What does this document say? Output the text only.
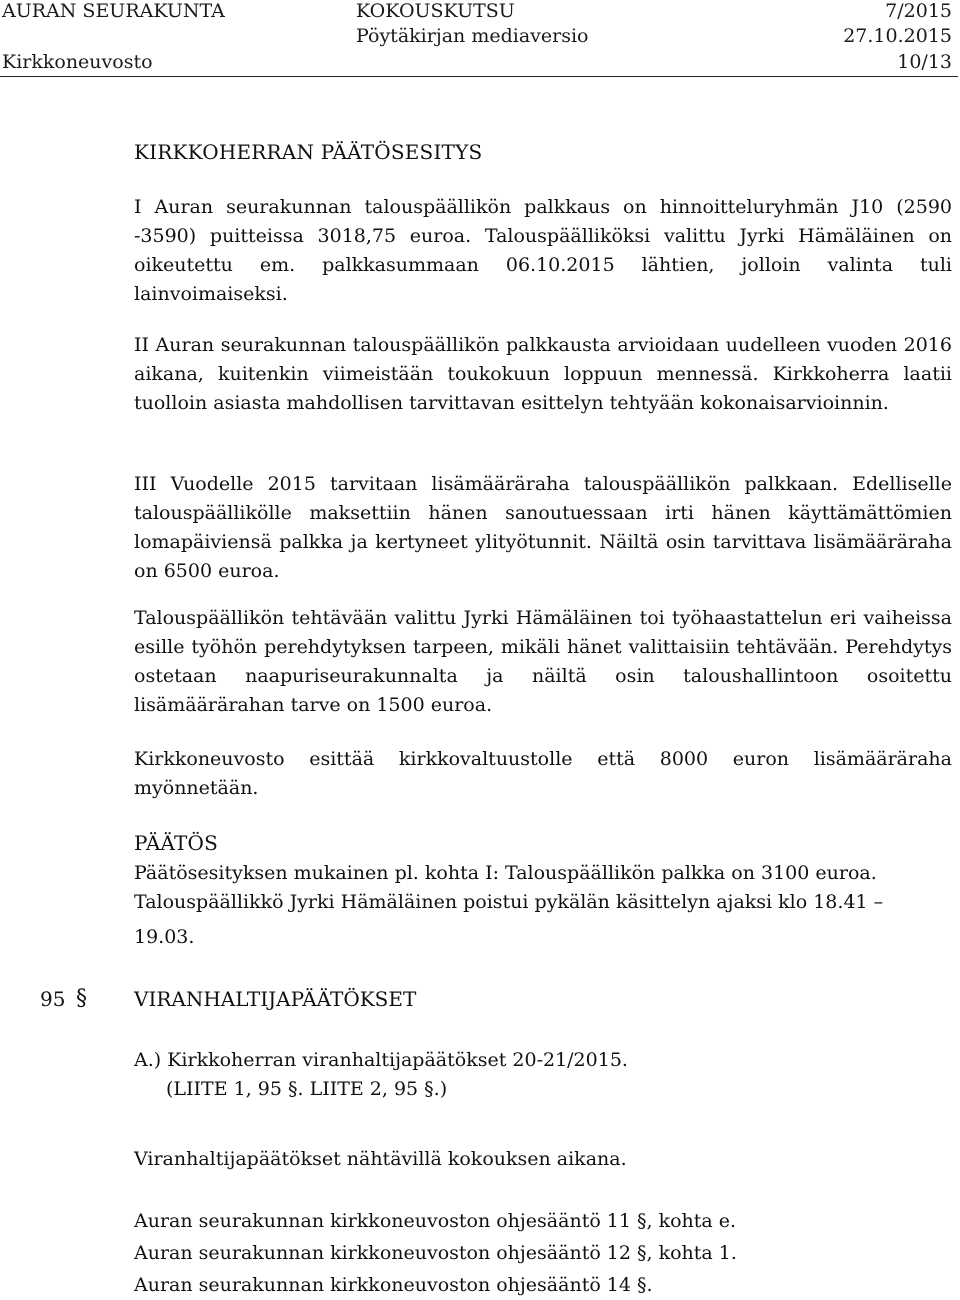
AURAN SEURAKUNTA	KOKOUSKUTSU	7/2015
Pöytäkirjan mediaversio	27.10.2015
Kirkkoneuvosto	10/13
KIRKKOHERRAN PÄÄTÖSESITYS

I Auran seurakunnan talouspäällikön palkkaus on hinnoitteluryhmän J10 (2590 -3590) puitteissa 3018,75 euroa. Talouspäälliköksi valittu Jyrki Hämäläinen on oikeutettu em. palkkasummaan 06.10.2015 lähtien, jolloin valinta tuli lainvoimaiseksi.

II Auran seurakunnan talouspäällikön palkkausta arvioidaan uudelleen vuoden 2016 aikana, kuitenkin viimeistään toukokuun loppuun mennessä. Kirkkoherra laatii tuolloin asiasta mahdollisen tarvittavan esittelyn tehtyään kokonaisarvioinnin.

III Vuodelle 2015 tarvitaan lisämääräraha talouspäällikön palkkaan. Edelliselle talouspäällikölle maksettiin hänen sanoutuessaan irti hänen käyttämättömien lomapäiviensä palkka ja kertyneet ylityötunnit. Näiltä osin tarvittava lisämääräraha on 6500 euroa.

Talouspäällikön tehtävään valittu Jyrki Hämäläinen toi työhaastattelun eri vaiheissa esille työhön perehdytyksen tarpeen, mikäli hänet valittaisiin tehtävään. Perehdytys ostetaan naapuriseurakunnalta ja näiltä osin taloushallintoon osoitettu lisämäärärahan tarve on 1500 euroa.

Kirkkoneuvosto esittää kirkkovaltuustolle että 8000 euron lisämääräraha myönnetään.

PÄÄTÖS
Päätösesityksen mukainen pl. kohta I: Talouspäällikön palkka on 3100 euroa.
Talouspäällikkö Jyrki Hämäläinen poistui pykälän käsittelyn ajaksi klo 18.41 –
19.03.
95 § VIRANHALTIJAPÄÄTÖKSET
A.) Kirkkoherran viranhaltijapäätökset 20-21/2015.
(LIITE 1, 95 §. LIITE 2, 95 §.)
Viranhaltijapäätökset nähtävillä kokouksen aikana.
Auran seurakunnan kirkkoneuvoston ohjesääntö 11 §, kohta e.
Auran seurakunnan kirkkoneuvoston ohjesääntö 12 §, kohta 1.
Auran seurakunnan kirkkoneuvoston ohjesääntö 14 §.
